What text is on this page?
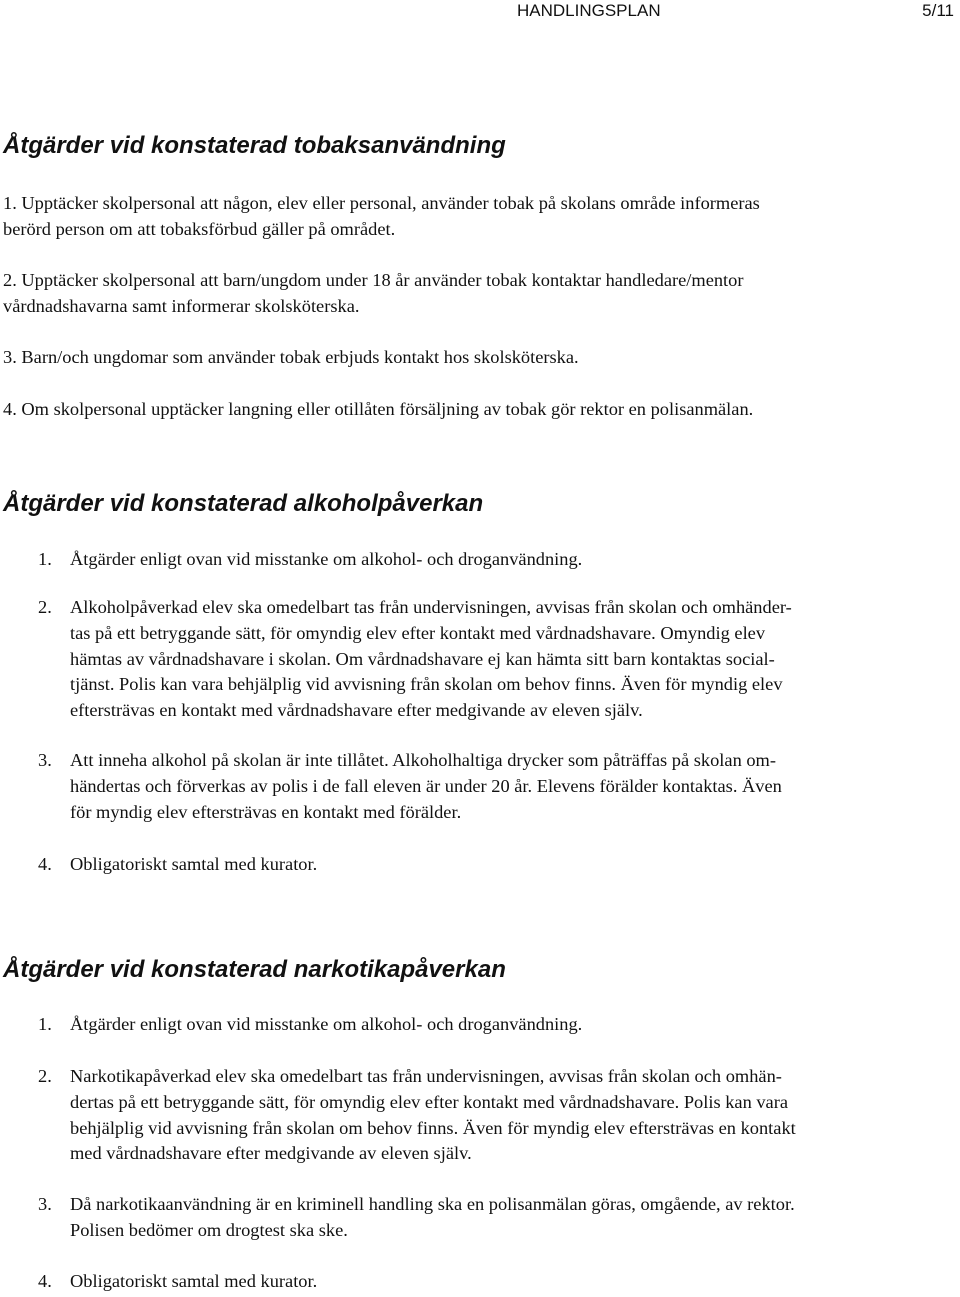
HANDLINGSPLAN	5/11
Åtgärder vid konstaterad tobaksanvändning

1. Upptäcker skolpersonal att någon, elev eller personal, använder tobak på skolans område informeras
berörd person om att tobaksförbud gäller på området.

2. Upptäcker skolpersonal att barn/ungdom under 18 år använder tobak kontaktar handledare/mentor
vårdnadshavarna samt informerar skolsköterska.

3. Barn/och ungdomar som använder tobak erbjuds kontakt hos skolsköterska.

4. Om skolpersonal upptäcker langning eller otillåten försäljning av tobak gör rektor en polisanmälan.

Åtgärder vid konstaterad alkoholpåverkan
1. Åtgärder enligt ovan vid misstanke om alkohol- och droganvändning.
2. Alkoholpåverkad elev ska omedelbart tas från undervisningen, avvisas från skolan och omhänder-
tas på ett betryggande sätt, för omyndig elev efter kontakt med vårdnadshavare. Omyndig elev
hämtas av vårdnadshavare i skolan. Om vårdnadshavare ej kan hämta sitt barn kontaktas social-
tjänst. Polis kan vara behjälplig vid avvisning från skolan om behov finns. Även för myndig elev
eftersträvas en kontakt med vårdnadshavare efter medgivande av eleven själv.
3. Att inneha alkohol på skolan är inte tillåtet. Alkoholhaltiga drycker som påträffas på skolan om-
händertas och förverkas av polis i de fall eleven är under 20 år. Elevens förälder kontaktas. Även
för myndig elev eftersträvas en kontakt med förälder.
4. Obligatoriskt samtal med kurator.
Åtgärder vid konstaterad narkotikapåverkan
1. Åtgärder enligt ovan vid misstanke om alkohol- och droganvändning.
2. Narkotikapåverkad elev ska omedelbart tas från undervisningen, avvisas från skolan och omhän-
dertas på ett betryggande sätt, för omyndig elev efter kontakt med vårdnadshavare. Polis kan vara
behjälplig vid avvisning från skolan om behov finns. Även för myndig elev eftersträvas en kontakt
med vårdnadshavare efter medgivande av eleven själv.
3. Då narkotikaanvändning är en kriminell handling ska en polisanmälan göras, omgående, av rektor.
Polisen bedömer om drogtest ska ske.
4. Obligatoriskt samtal med kurator.
